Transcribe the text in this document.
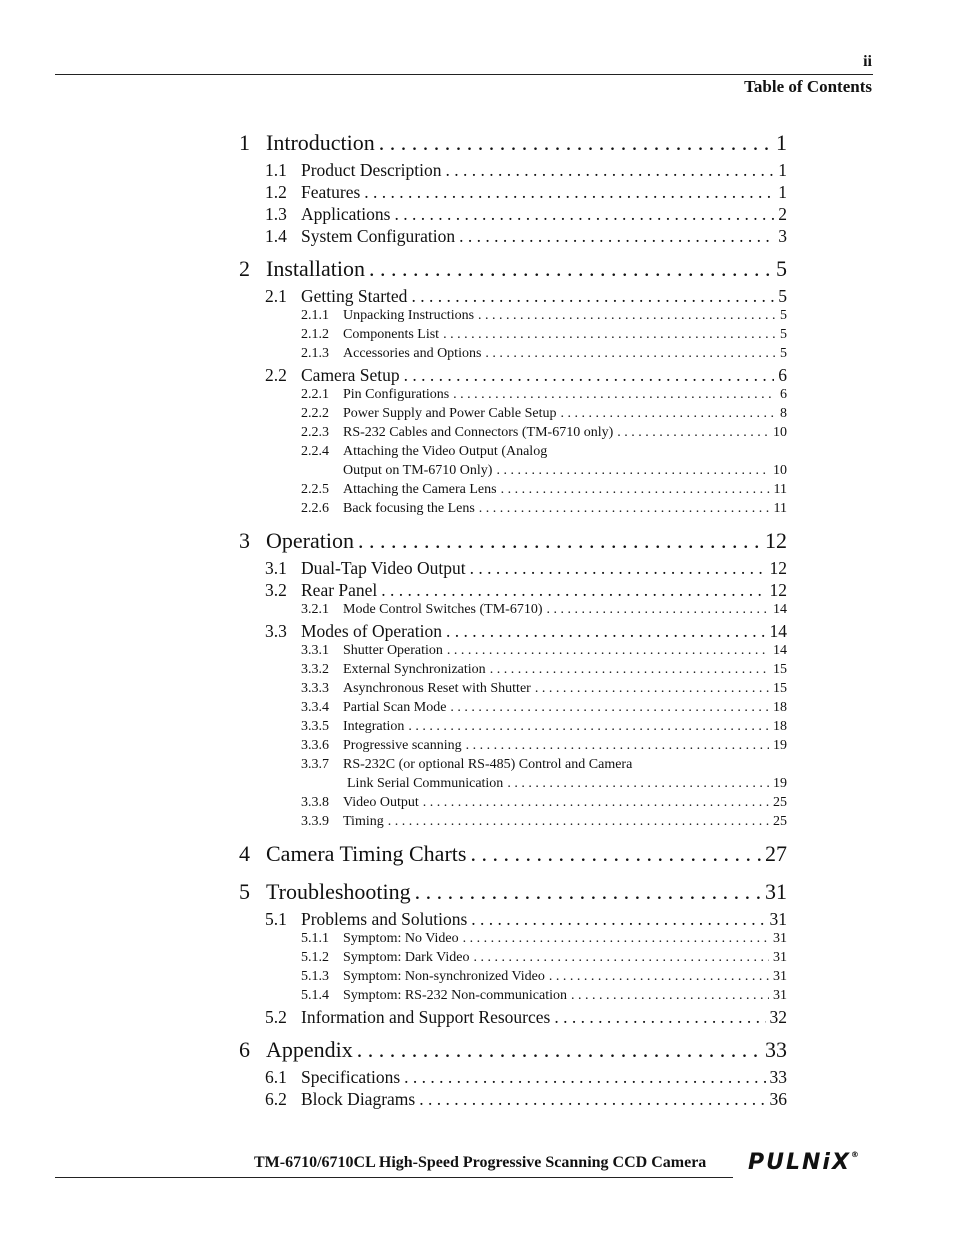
ii
Table of Contents
1 Introduction . . .	1
1.1 Product Description . . .	1
1.2 Features . . .	1
1.3 Applications . . .	2
1.4 System Configuration . . .	3
2 Installation . . .	5
2.1 Getting Started . . .	5
2.1.1	Unpacking Instructions . . .	5
2.1.2	Components List . . .	5
2.1.3	Accessories and Options . . .	5
2.2 Camera Setup . . .	6
2.2.1	Pin Configurations . . .	6
2.2.2	Power Supply and Power Cable Setup . . .	8
2.2.3	RS-232 Cables and Connectors (TM-6710 only) . . .	10
2.2.4	Attaching the Video Output (Analog
Output on TM-6710 Only) . . .	10
2.2.5	Attaching the Camera Lens . . .	11
2.2.6	Back focusing the Lens . . .	11
3 Operation . . .	12
3.1 Dual-Tap Video Output . . .	12
3.2 Rear Panel . . .	12
3.2.1	Mode Control Switches (TM-6710) . . .	14
3.3 Modes of Operation . . .	14
3.3.1	Shutter Operation . . .	14
3.3.2	External Synchronization . . .	15
3.3.3	Asynchronous Reset with Shutter . . .	15
3.3.4	Partial Scan Mode . . .	18
3.3.5	Integration . . .	18
3.3.6	Progressive scanning . . .	19
3.3.7	RS-232C (or optional RS-485) Control and Camera
Link Serial Communication . . .	19
3.3.8	Video Output . . .	25
3.3.9	Timing . . .	25
4 Camera Timing Charts . . .	27
5 Troubleshooting . . .	31
5.1 Problems and Solutions . . .	31
5.1.1	Symptom: No Video . . .	31
5.1.2	Symptom: Dark Video . . .	31
5.1.3	Symptom: Non-synchronized Video . . .	31
5.1.4	Symptom: RS-232 Non-communication . . .	31
5.2 Information and Support Resources . . .	32
6 Appendix . . .	33
6.1 Specifications . . .	33
6.2 Block Diagrams . . .	36
TM-6710/6710CL High-Speed Progressive Scanning CCD Camera PULNiX®
